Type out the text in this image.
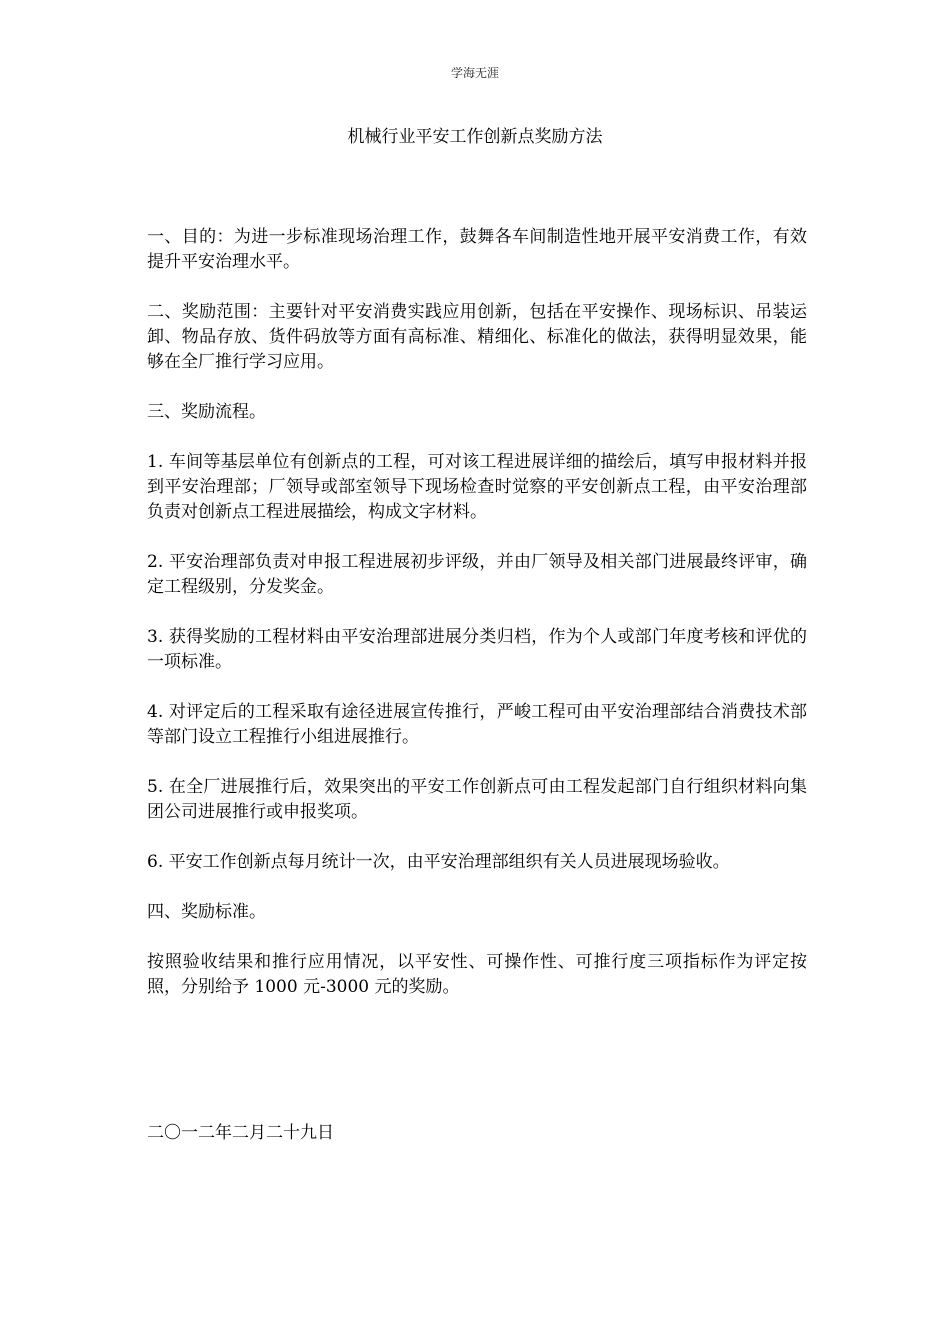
学海无涯
机械行业平安工作创新点奖励方法

一、目的：为进一步标准现场治理工作，鼓舞各车间制造性地开展平安消费工作，有效提升平安治理水平。

二、奖励范围：主要针对平安消费实践应用创新，包括在平安操作、现场标识、吊装运卸、物品存放、货件码放等方面有高标准、精细化、标准化的做法，获得明显效果，能够在全厂推行学习应用。

三、奖励流程。

1. 车间等基层单位有创新点的工程，可对该工程进展详细的描绘后，填写申报材料并报到平安治理部；厂领导或部室领导下现场检查时觉察的平安创新点工程，由平安治理部负责对创新点工程进展描绘，构成文字材料。

2. 平安治理部负责对申报工程进展初步评级，并由厂领导及相关部门进展最终评审，确定工程级别，分发奖金。

3. 获得奖励的工程材料由平安治理部进展分类归档，作为个人或部门年度考核和评优的一项标准。

4. 对评定后的工程采取有途径进展宣传推行，严峻工程可由平安治理部结合消费技术部等部门设立工程推行小组进展推行。

5. 在全厂进展推行后，效果突出的平安工作创新点可由工程发起部门自行组织材料向集团公司进展推行或申报奖项。

6. 平安工作创新点每月统计一次，由平安治理部组织有关人员进展现场验收。

四、奖励标准。

按照验收结果和推行应用情况，以平安性、可操作性、可推行度三项指标作为评定按照，分别给予 1000 元-3000 元的奖励。

二〇一二年二月二十九日
